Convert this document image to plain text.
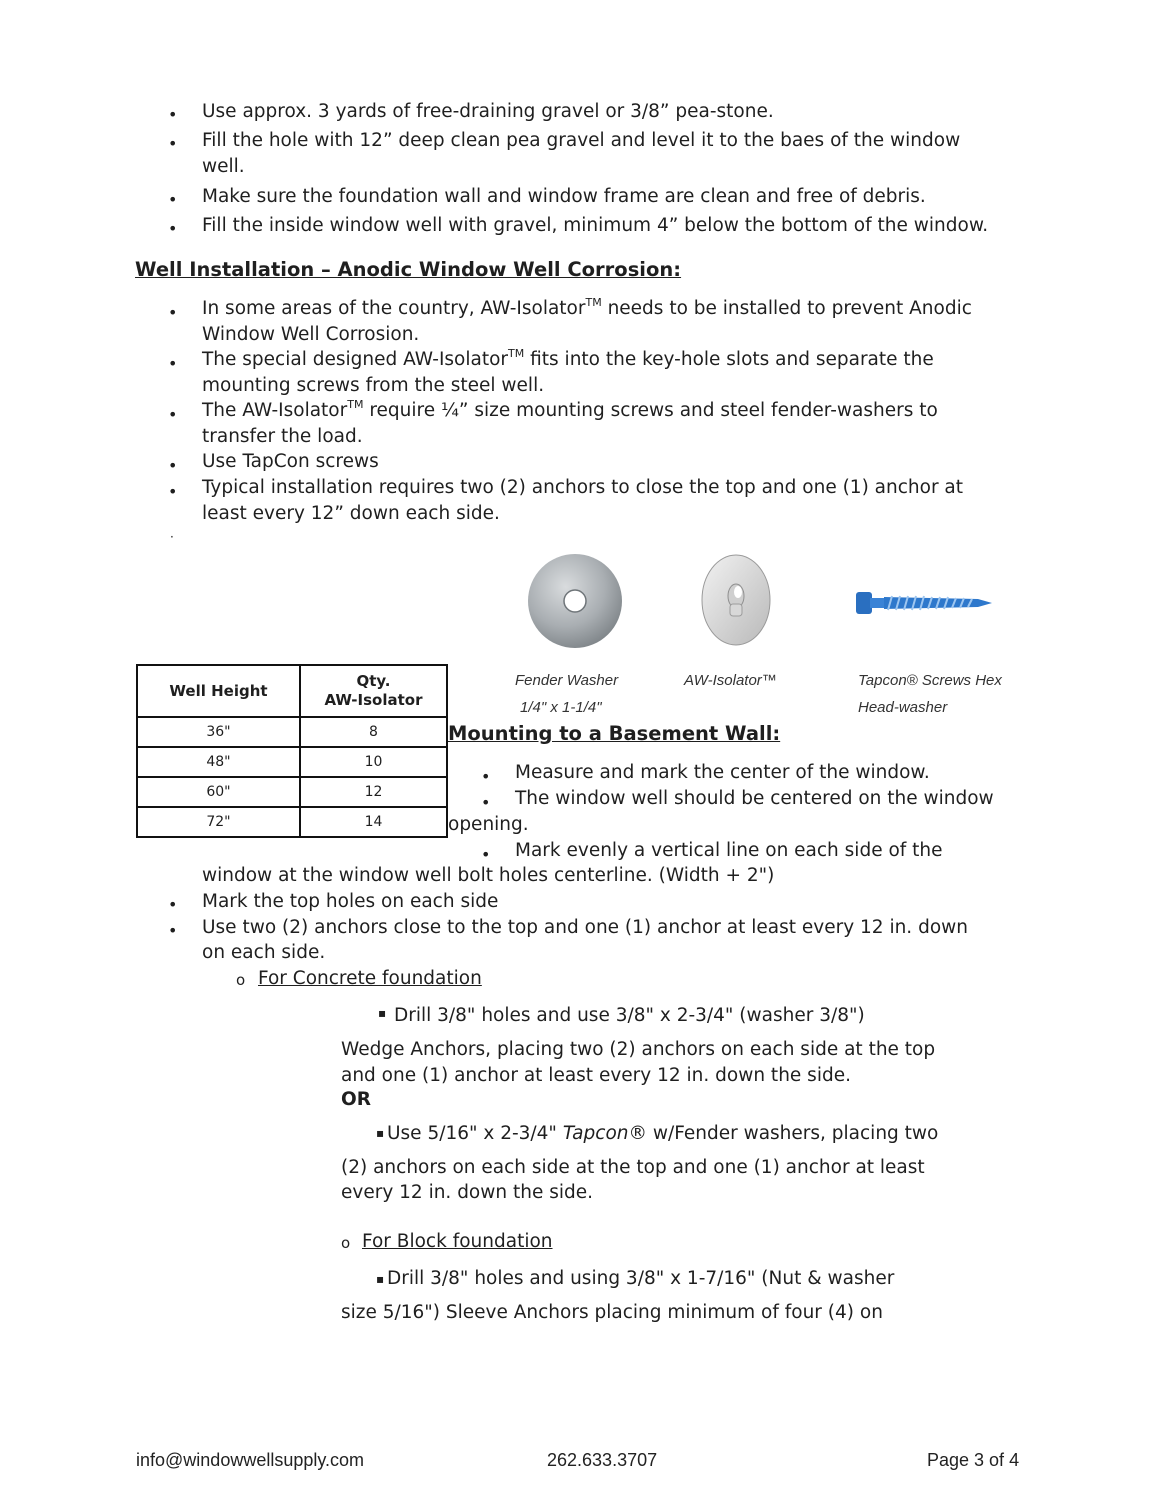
• Use approx. 3 yards of free-draining gravel or 3/8” pea-stone.
• Fill the hole with 12” deep clean pea gravel and level it to the baes of the window
well.
• Make sure the foundation wall and window frame are clean and free of debris.
• Fill the inside window well with gravel, minimum 4” below the bottom of the window.
Well Installation – Anodic Window Well Corrosion:
• In some areas of the country, AW-Isolator™ needs to be installed to prevent Anodic
Window Well Corrosion.
• The special designed AW-Isolator™ fits into the key-hole slots and separate the
mounting screws from the steel well.
• The AW-Isolator™ require ¼” size mounting screws and steel fender-washers to
transfer the load.
• Use TapCon screws
• Typical installation requires two (2) anchors to close the top and one (1) anchor at
least every 12” down each side.
·
Fender Washer
1/4" x 1-1/4"
AW-Isolator™	Tapcon® Screws Hex
Head-washer
Well Height	Qty.
AW-Isolator
36"	8
48"	10
60"	12
72"	14
Mounting to a Basement Wall:
• Measure and mark the center of the window.
• The window well should be centered on the window
opening.
• Mark evenly a vertical line on each side of the
window at the window well bolt holes centerline. (Width + 2")
• Mark the top holes on each side
• Use two (2) anchors close to the top and one (1) anchor at least every 12 in. down
on each side.
o For Concrete foundation
▪ Drill 3/8" holes and use 3/8" x 2-3/4" (washer 3/8")
Wedge Anchors, placing two (2) anchors on each side at the top
and one (1) anchor at least every 12 in. down the side.
OR
▪ Use 5/16" x 2-3/4" Tapcon® w/Fender washers, placing two
(2) anchors on each side at the top and one (1) anchor at least
every 12 in. down the side.
o For Block foundation
▪ Drill 3/8" holes and using 3/8" x 1-7/16" (Nut & washer
size 5/16") Sleeve Anchors placing minimum of four (4) on
info@windowwellsupply.com	262.633.3707	Page 3 of 4
